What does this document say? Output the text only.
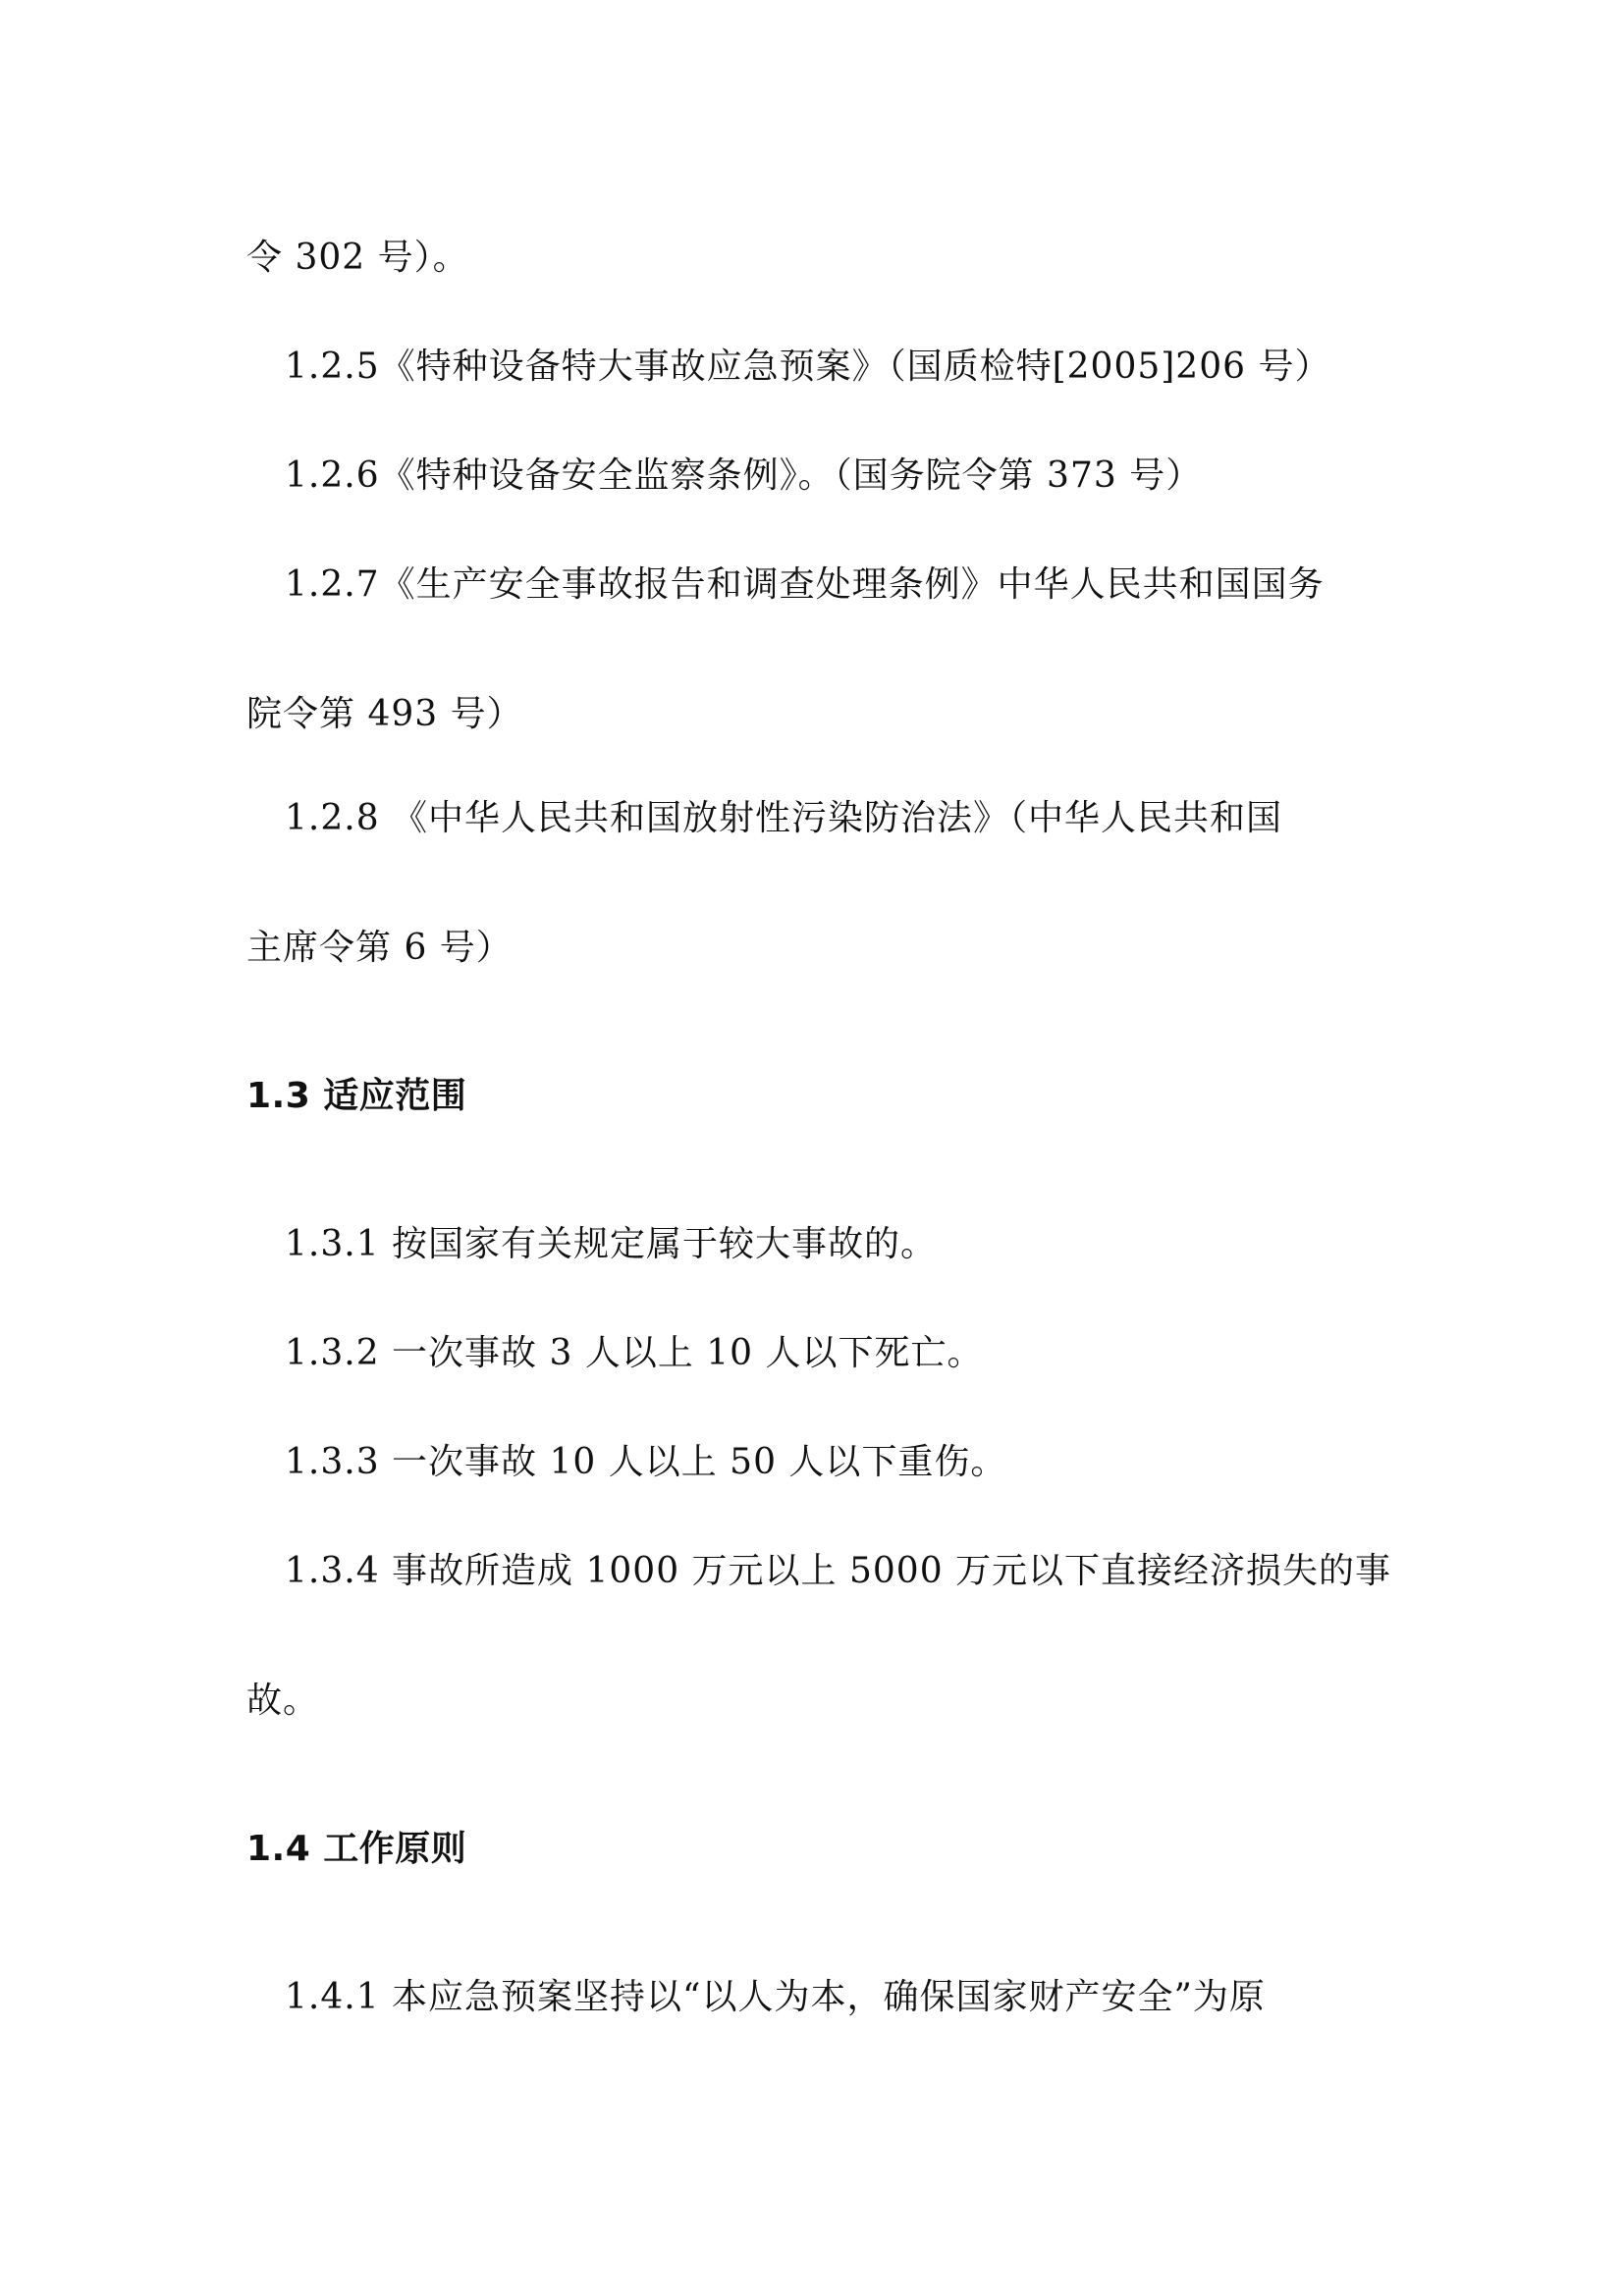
令 302 号）。
1.2.5《特种设备特大事故应急预案》（国质检特[2005]206 号）
1.2.6《特种设备安全监察条例》。（国务院令第 373 号）
1.2.7《生产安全事故报告和调查处理条例》中华人民共和国国务
院令第 493 号）
1.2.8 《中华人民共和国放射性污染防治法》（中华人民共和国
主席令第 6 号）
1.3 适应范围
1.3.1 按国家有关规定属于较大事故的。
1.3.2 一次事故 3 人以上 10 人以下死亡。
1.3.3 一次事故 10 人以上 50 人以下重伤。
1.3.4 事故所造成 1000 万元以上 5000 万元以下直接经济损失的事
故。
1.4 工作原则
1.4.1 本应急预案坚持以“以人为本，确保国家财产安全”为原
